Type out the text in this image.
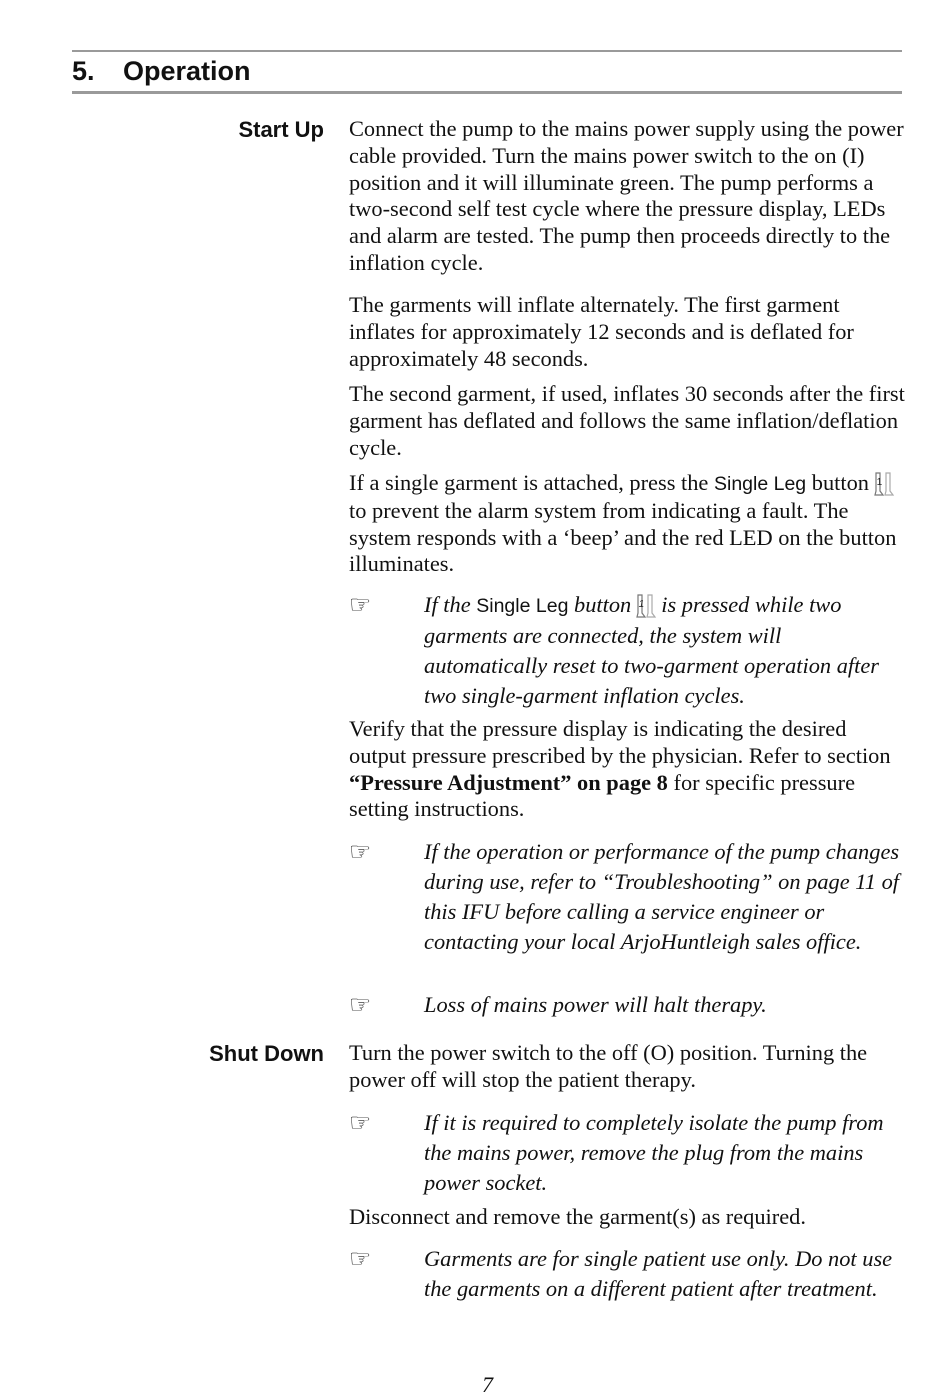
5. Operation
Start Up Connect the pump to the mains power supply using the power cable provided. Turn the mains power switch to the on (I) position and it will illuminate green. The pump performs a two-second self test cycle where the pressure display, LEDs and alarm are tested. The pump then proceeds directly to the inflation cycle.

The garments will inflate alternately. The first garment inflates for approximately 12 seconds and is deflated for approximately 48 seconds.

The second garment, if used, inflates 30 seconds after the first garment has deflated and follows the same inflation/deflation cycle.

If a single garment is attached, press the Single Leg button 1
to prevent the alarm system from indicating a fault. The system responds with a ‘beep’ and the red LED on the button illuminates.

☞ If the Single Leg button 1 is pressed while two garments are connected, the system will automatically reset to two-garment operation after two single-garment inflation cycles.

Verify that the pressure display is indicating the desired output pressure prescribed by the physician. Refer to section “Pressure Adjustment” on page 8 for specific pressure setting instructions.

☞ If the operation or performance of the pump changes during use, refer to “Troubleshooting” on page 11 of this IFU before calling a service engineer or contacting your local ArjoHuntleigh sales office.

☞ Loss of mains power will halt therapy.

Shut Down Turn the power switch to the off (O) position. Turning the power off will stop the patient therapy.

☞ If it is required to completely isolate the pump from the mains power, remove the plug from the mains power socket.

Disconnect and remove the garment(s) as required.

☞ Garments are for single patient use only. Do not use the garments on a different patient after treatment.

7
